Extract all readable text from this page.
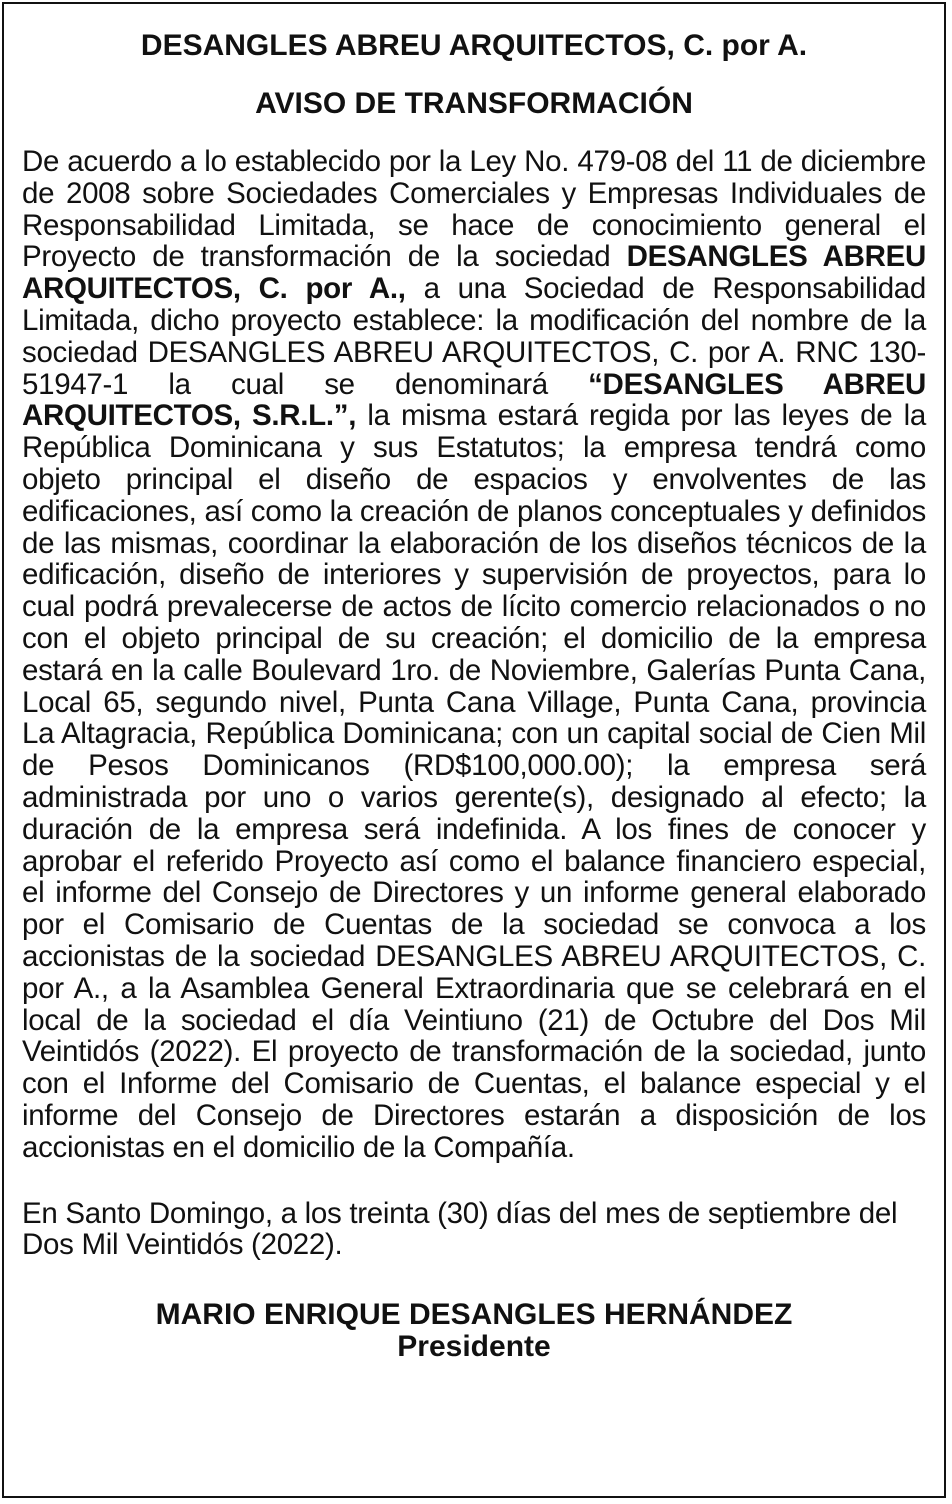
DESANGLES ABREU ARQUITECTOS, C. por A.
AVISO DE TRANSFORMACIÓN

De acuerdo a lo establecido por la Ley No. 479-08 del 11 de diciembre de 2008 sobre Sociedades Comerciales y Empresas Individuales de Responsabilidad Limitada, se hace de conocimiento general el Proyecto de transformación de la sociedad DESANGLES ABREU ARQUITECTOS, C. por A., a una Sociedad de Responsabilidad Limitada, dicho proyecto establece: la modificación del nombre de la sociedad DESANGLES ABREU ARQUITECTOS, C. por A. RNC 130-51947-1 la cual se denominará “DESANGLES ABREU ARQUITECTOS, S.R.L.”, la misma estará regida por las leyes de la República Dominicana y sus Estatutos; la empresa tendrá como objeto principal el diseño de espacios y envolventes de las edificaciones, así como la creación de planos conceptuales y definidos de las mismas, coordinar la elaboración de los diseños técnicos de la edificación, diseño de interiores y supervisión de proyectos, para lo cual podrá prevalecerse de actos de lícito comercio relacionados o no con el objeto principal de su creación; el domicilio de la empresa estará en la calle Boulevard 1ro. de Noviembre, Galerías Punta Cana, Local 65, segundo nivel, Punta Cana Village, Punta Cana, provincia La Altagracia, República Dominicana; con un capital social de Cien Mil de Pesos Dominicanos (RD$100,000.00); la empresa será administrada por uno o varios gerente(s), designado al efecto; la duración de la empresa será indefinida. A los fines de conocer y aprobar el referido Proyecto así como el balance financiero especial, el informe del Consejo de Directores y un informe general elaborado por el Comisario de Cuentas de la sociedad se convoca a los accionistas de la sociedad DESANGLES ABREU ARQUITECTOS, C. por A., a la Asamblea General Extraordinaria que se celebrará en el local de la sociedad el día Veintiuno (21) de Octubre del Dos Mil Veintidós (2022). El proyecto de transformación de la sociedad, junto con el Informe del Comisario de Cuentas, el balance especial y el informe del Consejo de Directores estarán a disposición de los accionistas en el domicilio de la Compañía.

En Santo Domingo, a los treinta (30) días del mes de septiembre del Dos Mil Veintidós (2022).

MARIO ENRIQUE DESANGLES HERNÁNDEZ

Presidente
